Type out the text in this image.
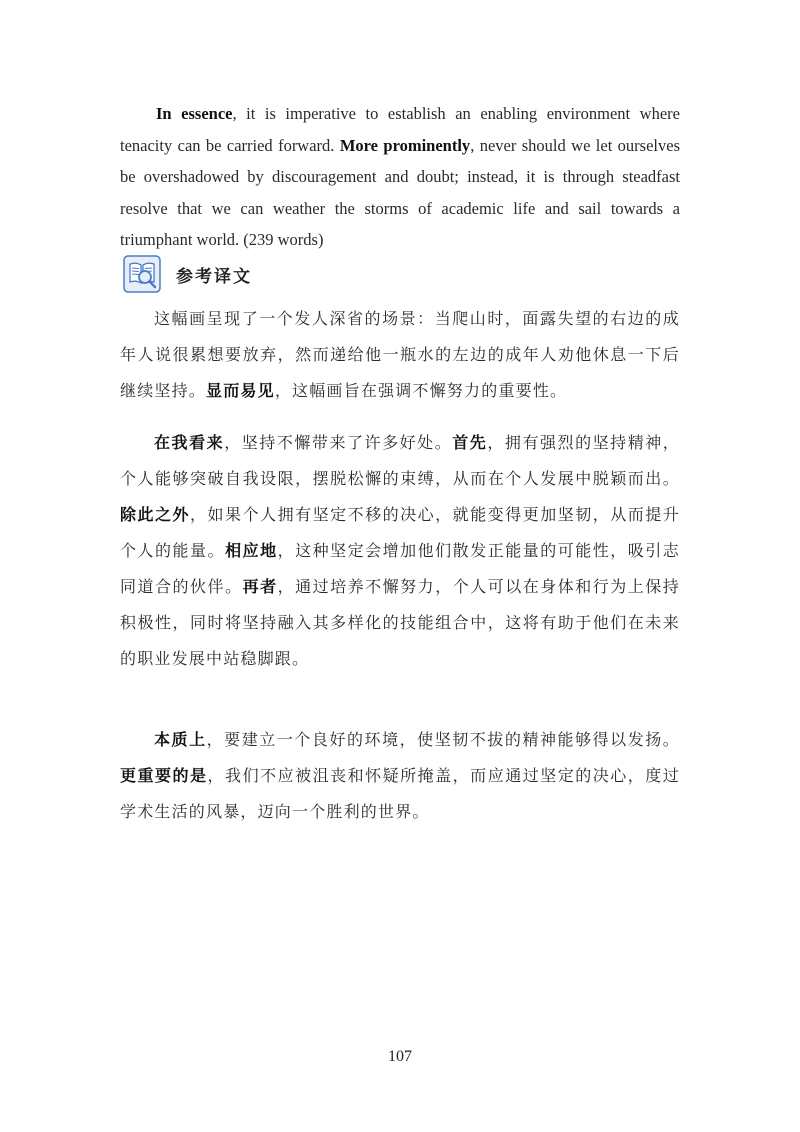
In essence, it is imperative to establish an enabling environment where tenacity can be carried forward. More prominently, never should we let ourselves be overshadowed by discouragement and doubt; instead, it is through steadfast resolve that we can weather the storms of academic life and sail towards a triumphant world. (239 words)

参考译文

这幅画呈现了一个发人深省的场景：当爬山时，面露失望的右边的成年人说很累想要放弃，然而递给他一瓶水的左边的成年人劝他休息一下后继续坚持。显而易见，这幅画旨在强调不懈努力的重要性。

在我看来，坚持不懈带来了许多好处。首先，拥有强烈的坚持精神，个人能够突破自我设限，摆脱松懈的束缚，从而在个人发展中脱颖而出。除此之外，如果个人拥有坚定不移的决心，就能变得更加坚韧，从而提升个人的能量。相应地，这种坚定会增加他们散发正能量的可能性，吸引志同道合的伙伴。再者，通过培养不懈努力，个人可以在身体和行为上保持积极性，同时将坚持融入其多样化的技能组合中，这将有助于他们在未来的职业发展中站稳脚跟。

本质上，要建立一个良好的环境，使坚韧不拔的精神能够得以发扬。更重要的是，我们不应被沮丧和怀疑所掩盖，而应通过坚定的决心，度过学术生活的风暴，迈向一个胜利的世界。

107
